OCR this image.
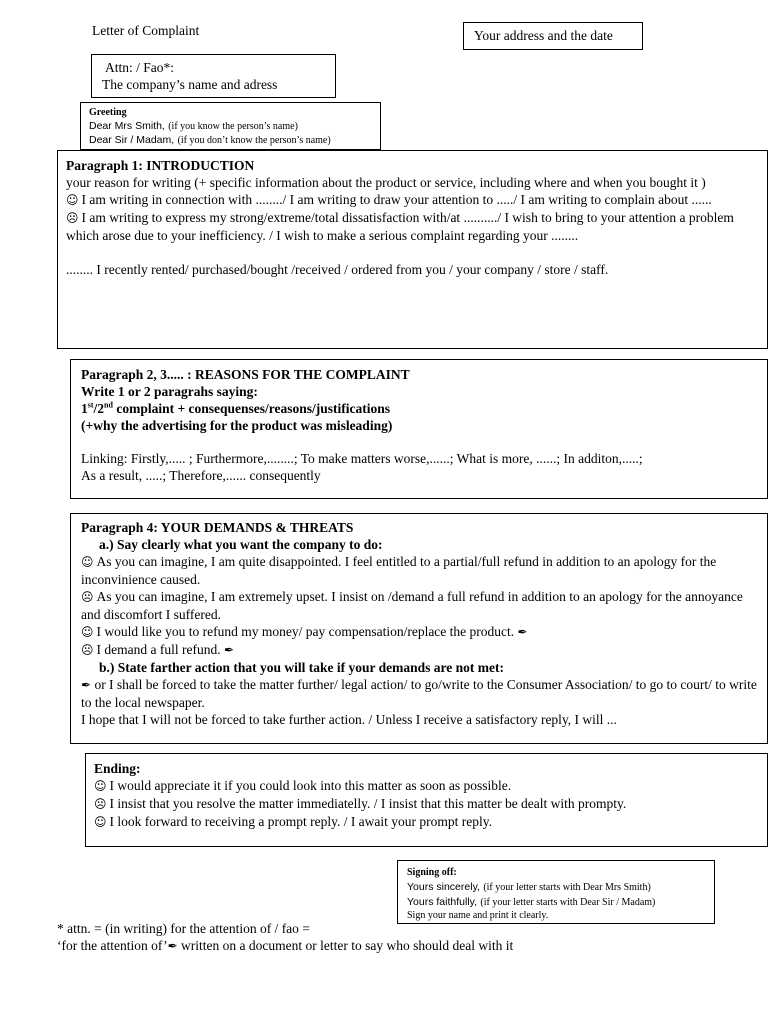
Letter of Complaint	Your address and the date
Attn: / Fao*:
The company’s name and adress
Greeting
Dear Mrs Smith, (if you know the person’s name)
Dear Sir / Madam, (if you don’t know the person’s name)
Paragraph 1: INTRODUCTION
your reason for writing (+ specific information about the product or service, including where and when you bought it )
☺ I am writing in connection with ......../ I am writing to draw your attention to ...../ I am writing to complain about ......
☹ I am writing to express my strong/extreme/total dissatisfaction with/at ........../ I wish to bring to your attention a problem which arose due to your inefficiency. / I wish to make a serious complaint regarding your ........
........ I recently rented/ purchased/bought /received / ordered from you / your company / store / staff.
Paragraph 2, 3..... : REASONS FOR THE COMPLAINT
Write 1 or 2 paragrahs saying:
1st/2nd complaint + consequenses/reasons/justifications
(+why the advertising for the product was misleading)
Linking: Firstly,..... ; Furthermore,........; To make matters worse,......; What is more, ......; In additon,.....;
As a result, .....; Therefore,...... consequently
Paragraph 4: YOUR DEMANDS & THREATS
a.) Say clearly what you want the company to do:
☺ As you can imagine, I am quite disappointed. I feel entitled to a partial/full refund in addition to an apology for the inconvinience caused.
☹ As you can imagine, I am extremely upset. I insist on /demand a full refund in addition to an apology for the annoyance and discomfort I suffered.
☺ I would like you to refund my money/ pay compensation/replace the product. ✒
☹ I demand a full refund. ✒
b.) State farther action that you will take if your demands are not met:
✒ or I shall be forced to take the matter further/ legal action/ to go/write to the Consumer Association/ to go to court/ to write to the local newspaper.
I hope that I will not be forced to take further action. / Unless I receive a satisfactory reply, I will ...
Ending:
☺ I would appreciate it if you could look into this matter as soon as possible.
☹ I insist that you resolve the matter immediatelly. / I insist that this matter be dealt with prompty.
☺ I look forward to receiving a prompt reply. / I await your prompt reply.
Signing off:
Yours sincerely, (if your letter starts with Dear Mrs Smith)
Yours faithfully, (if your letter starts with Dear Sir / Madam)
Sign your name and print it clearly.
* attn. = (in writing) for the attention of / fao =
‘for the attention of’✒ written on a document or letter to say who should deal with it
